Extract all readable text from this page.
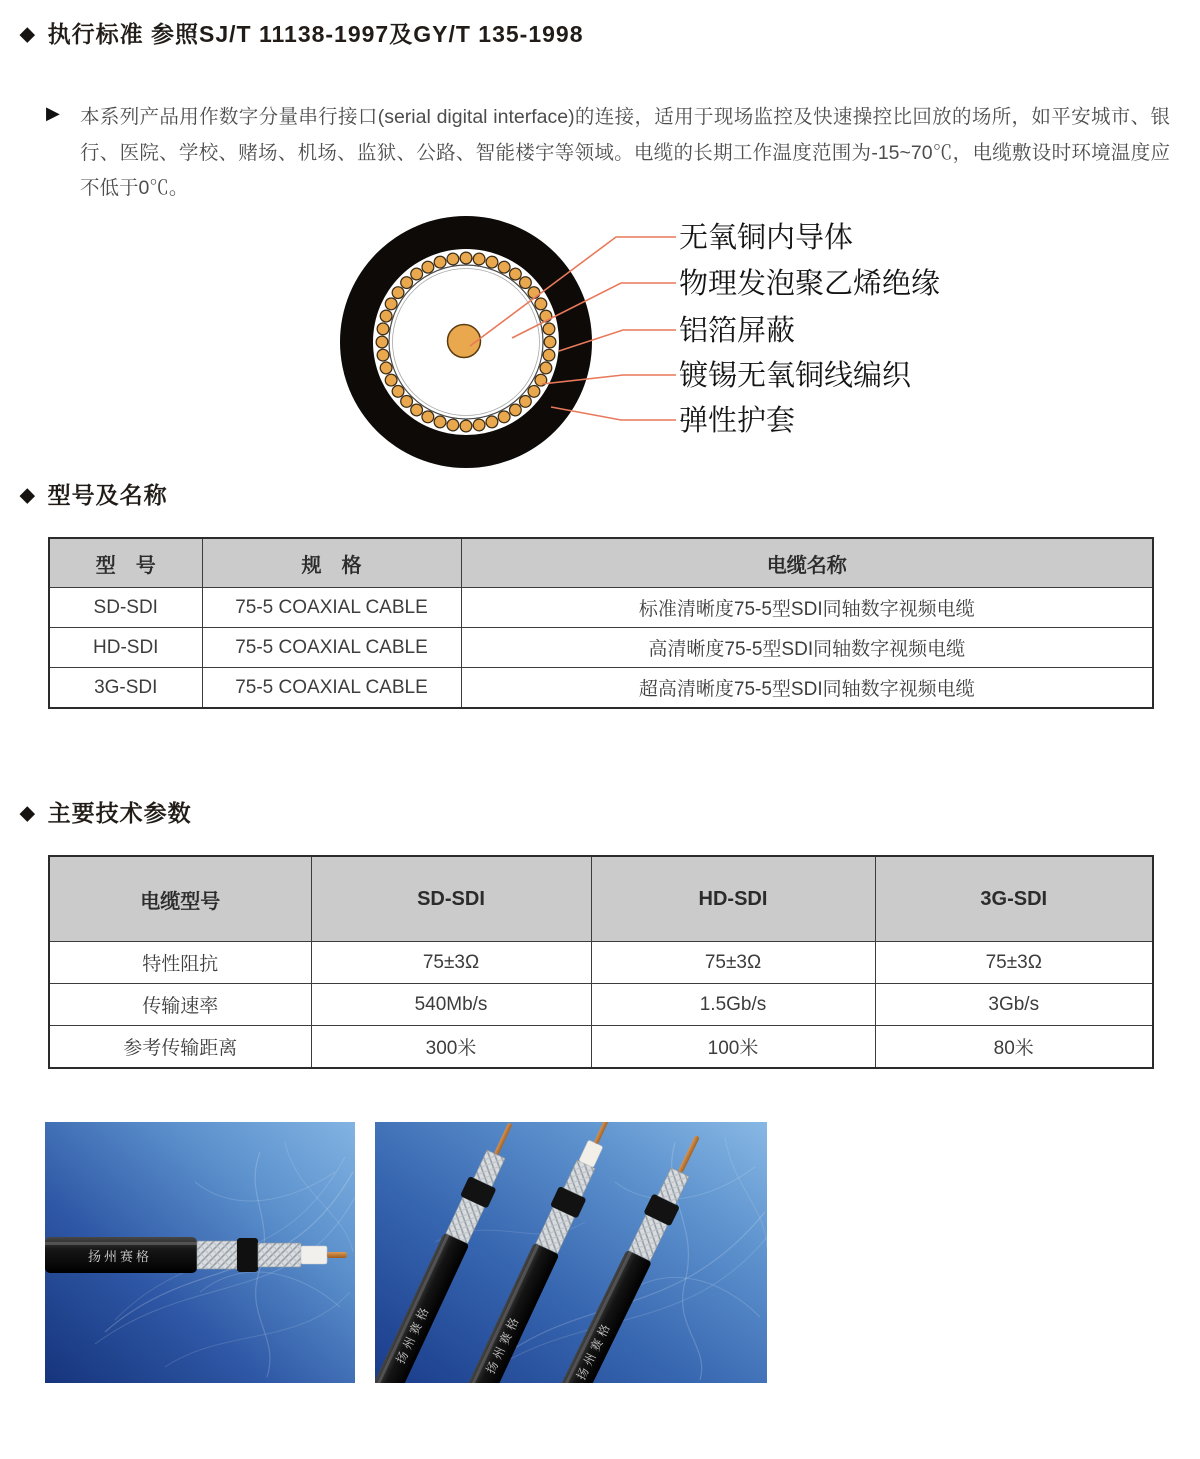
◆ 执行标准 参照SJ/T 11138-1997及GY/T 135-1998
▶ 本系列产品用作数字分量串行接口(serial digital interface)的连接，适用于现场监控及快速操控比回放的场所，如平安城市、银行、医院、学校、赌场、机场、监狱、公路、智能楼宇等领域。电缆的长期工作温度范围为-15~70℃，电缆敷设时环境温度应不低于0℃。
无氧铜内导体
物理发泡聚乙烯绝缘
铝箔屏蔽
镀锡无氧铜线编织
弹性护套
◆ 型号及名称
型　号	规　格	电缆名称
SD-SDI	75-5 COAXIAL CABLE	标准清晰度75-5型SDI同轴数字视频电缆
HD-SDI	75-5 COAXIAL CABLE	高清晰度75-5型SDI同轴数字视频电缆
3G-SDI	75-5 COAXIAL CABLE	超高清晰度75-5型SDI同轴数字视频电缆
◆ 主要技术参数
电缆型号	SD-SDI	HD-SDI	3G-SDI
特性阻抗	75±3Ω	75±3Ω	75±3Ω
传输速率	540Mb/s	1.5Gb/s	3Gb/s
参考传输距离	300米	100米	80米
扬州赛格
